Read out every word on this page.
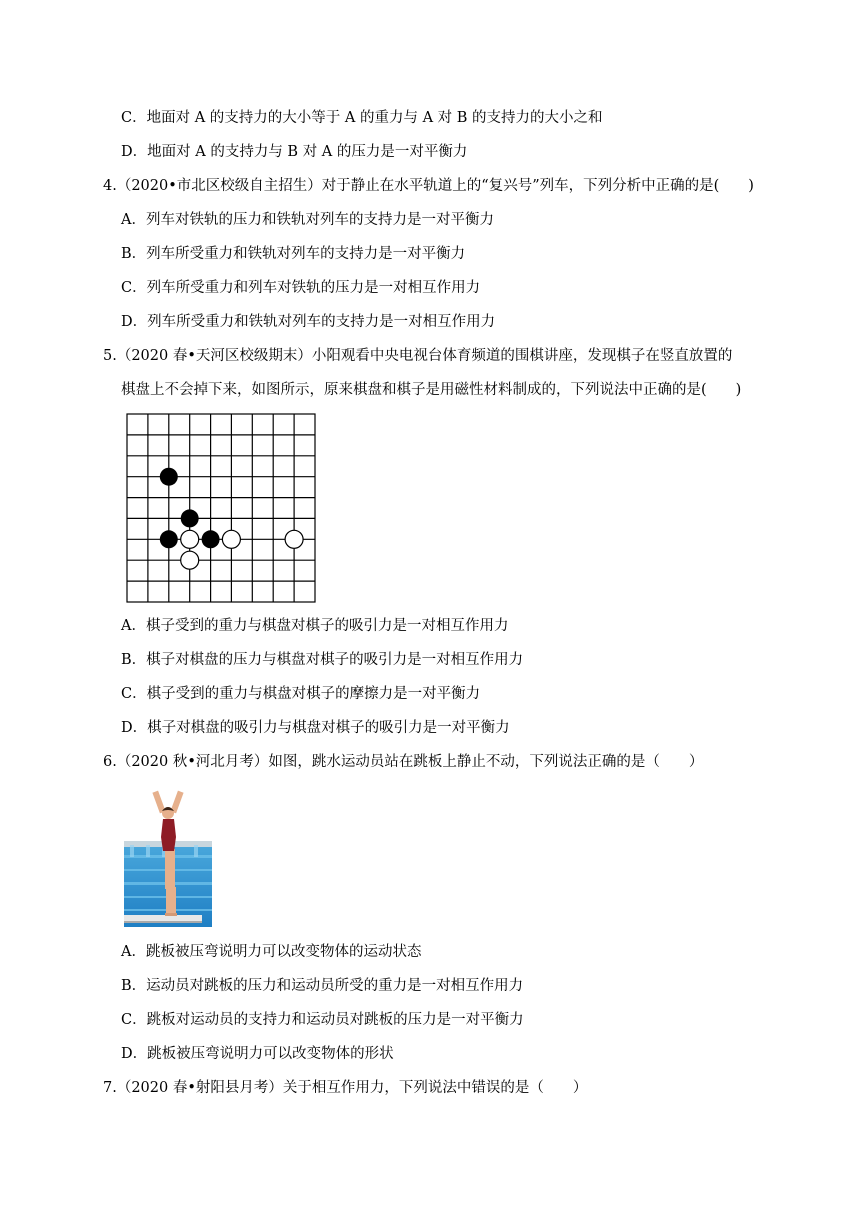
C．地面对 A 的支持力的大小等于 A 的重力与 A 对 B 的支持力的大小之和
D．地面对 A 的支持力与 B 对 A 的压力是一对平衡力
4.（2020•市北区校级自主招生）对于静止在水平轨道上的“复兴号”列车，下列分析中正确的是(　　)
A．列车对铁轨的压力和铁轨对列车的支持力是一对平衡力
B．列车所受重力和铁轨对列车的支持力是一对平衡力
C．列车所受重力和列车对铁轨的压力是一对相互作用力
D．列车所受重力和铁轨对列车的支持力是一对相互作用力
5.（2020 春•天河区校级期末）小阳观看中央电视台体育频道的围棋讲座，发现棋子在竖直放置的
棋盘上不会掉下来，如图所示，原来棋盘和棋子是用磁性材料制成的，下列说法中正确的是(　　)
A．棋子受到的重力与棋盘对棋子的吸引力是一对相互作用力
B．棋子对棋盘的压力与棋盘对棋子的吸引力是一对相互作用力
C．棋子受到的重力与棋盘对棋子的摩擦力是一对平衡力
D．棋子对棋盘的吸引力与棋盘对棋子的吸引力是一对平衡力
6.（2020 秋•河北月考）如图，跳水运动员站在跳板上静止不动，下列说法正确的是（　　）
A．跳板被压弯说明力可以改变物体的运动状态
B．运动员对跳板的压力和运动员所受的重力是一对相互作用力
C．跳板对运动员的支持力和运动员对跳板的压力是一对平衡力
D．跳板被压弯说明力可以改变物体的形状
7.（2020 春•射阳县月考）关于相互作用力，下列说法中错误的是（　　）
